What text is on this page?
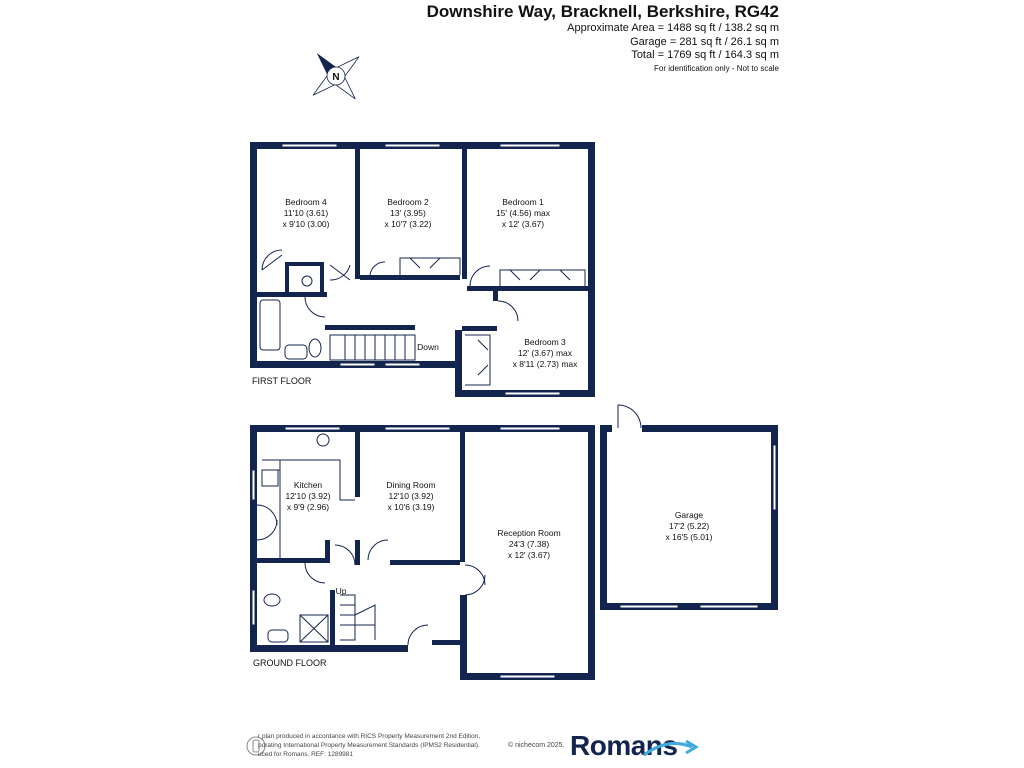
Downshire Way, Bracknell, Berkshire, RG42
Approximate Area = 1488 sq ft / 138.2 sq m
Garage = 281 sq ft / 26.1 sq m
Total = 1769 sq ft / 164.3 sq m
For identification only - Not to scale
N
Bedroom 4
11'10 (3.61)
x 9'10 (3.00)
Bedroom 2
13' (3.95)
x 10'7 (3.22)
Bedroom 1
15' (4.56) max
x 12' (3.67)
Bedroom 3
12' (3.67) max
x 8'11 (2.73) max
Down
FIRST FLOOR
Kitchen
12'10 (3.92)
x 9'9 (2.96)
Dining Room
12'10 (3.92)
x 10'6 (3.19)
Reception Room
24'3 (7.38)
x 12' (3.67)
Garage
17'2 (5.22)
x 16'5 (5.01)
Up
GROUND FLOOR
r plan produced in accordance with RICS Property Measurement 2nd Edition,
porating International Property Measurement Standards (IPMS2 Residential).
uced for Romans. REF: 1289981
© nichecom 2025. Romans
